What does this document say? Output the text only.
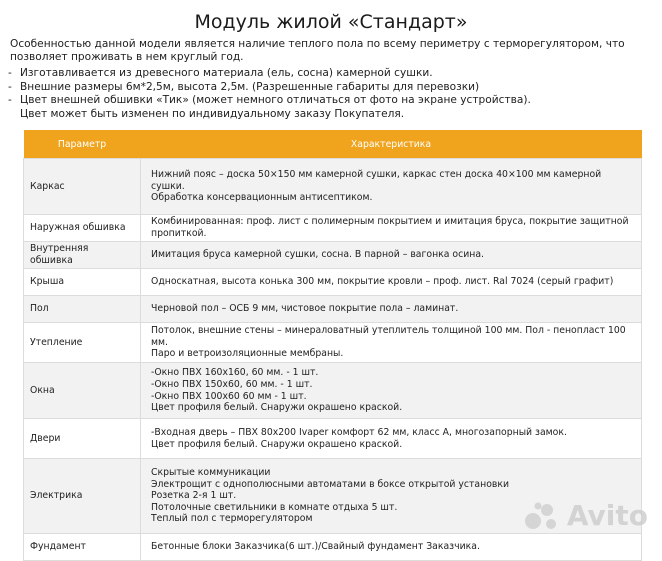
Модуль жилой «Стандарт»
Особенностью данной модели является наличие теплого пола по всему периметру с терморегулятором, что позволяет проживать в нем круглый год.
- Изготавливается из древесного материала (ель, сосна) камерной сушки.
- Внешние размеры 6м*2,5м, высота 2,5м. (Разрешенные габариты для перевозки)
- Цвет внешней обшивки «Тик» (может немного отличаться от фото на экране устройства).
Цвет может быть изменен по индивидуальному заказу Покупателя.
Параметр	Характеристика
Каркас	Нижний пояс – доска 50×150 мм камерной сушки, каркас стен доска 40×100 мм камерной сушки.
Обработка консервационным антисептиком.

Наружная обшивка	Комбинированная: проф. лист с полимерным покрытием и имитация бруса, покрытие защитной пропиткой.

Внутренняя обшивка	Имитация бруса камерной сушки, сосна. В парной – вагонка осина.

Крыша	Односкатная, высота конька 300 мм, покрытие кровли – проф. лист. Ral 7024 (серый графит)

Пол	Черновой пол – ОСБ 9 мм, чистовое покрытие пола – ламинат.

Утепление	Потолок, внешние стены – минераловатный утеплитель толщиной 100 мм. Пол - пенопласт 100 мм.
Паро и ветроизоляционные мембраны.

Окна	-Окно ПВХ 160х160, 60 мм. - 1 шт.
-Окно ПВХ 150х60, 60 мм. - 1 шт.
-Окно ПВХ 100х60 60 мм - 1 шт.
Цвет профиля белый. Снаружи окрашено краской.

Двери	-Входная дверь – ПВХ 80х200 Ivaper комфорт 62 мм, класс А, многозапорный замок.
Цвет профиля белый. Снаружи окрашено краской.

Электрика	Скрытые коммуникации
Электрощит с однополюсными автоматами в боксе открытой установки
Розетка 2-я 1 шт.
Потолочные светильники в комнате отдыха 5 шт.
Теплый пол с терморегулятором

Фундамент	Бетонные блоки Заказчика(6 шт.)/Свайный фундамент Заказчика.
Avito
